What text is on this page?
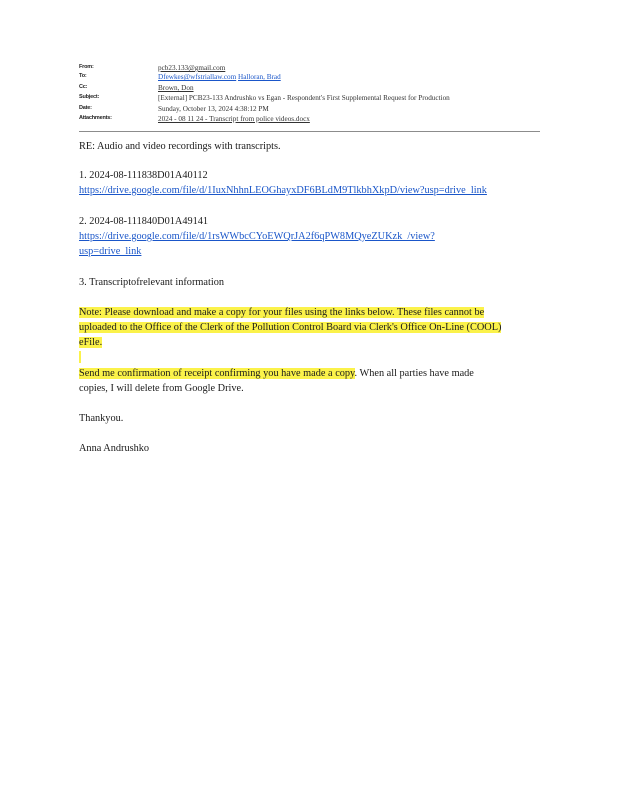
From:	pcb23.133@gmail.com
To:	Dfewkes@wfstriallaw.com Halloran, Brad
Cc:	Brown, Don
Subject:	[External] PCB23-133 Andrushko vs Egan - Respondent's First Supplemental Request for Production
Date:	Sunday, October 13, 2024 4:38:12 PM
Attachments:	2024 - 08 11 24 - Transcript from police videos.docx
RE: Audio and video recordings with transcripts.
1. 2024-08-111838D01A40112
https://drive.google.com/file/d/1IuxNhhnLEOGhayxDF6BLdM9TlkbhXkpD/view?usp=drive_link
2. 2024-08-111840D01A49141
https://drive.google.com/file/d/1rsWWbcCYoEWQrJA2f6qPW8MQyeZUKzk_/view?
usp=drive_link
3. Transcriptofrelevant information
Note: Please download and make a copy for your files using the links below. These files cannot be
uploaded to the Office of the Clerk of the Pollution Control Board via Clerk's Office On-Line (COOL)
eFile.
Send me confirmation of receipt confirming you have made a copy. When all parties have made
copies, I will delete from Google Drive.
Thankyou.
Anna Andrushko
